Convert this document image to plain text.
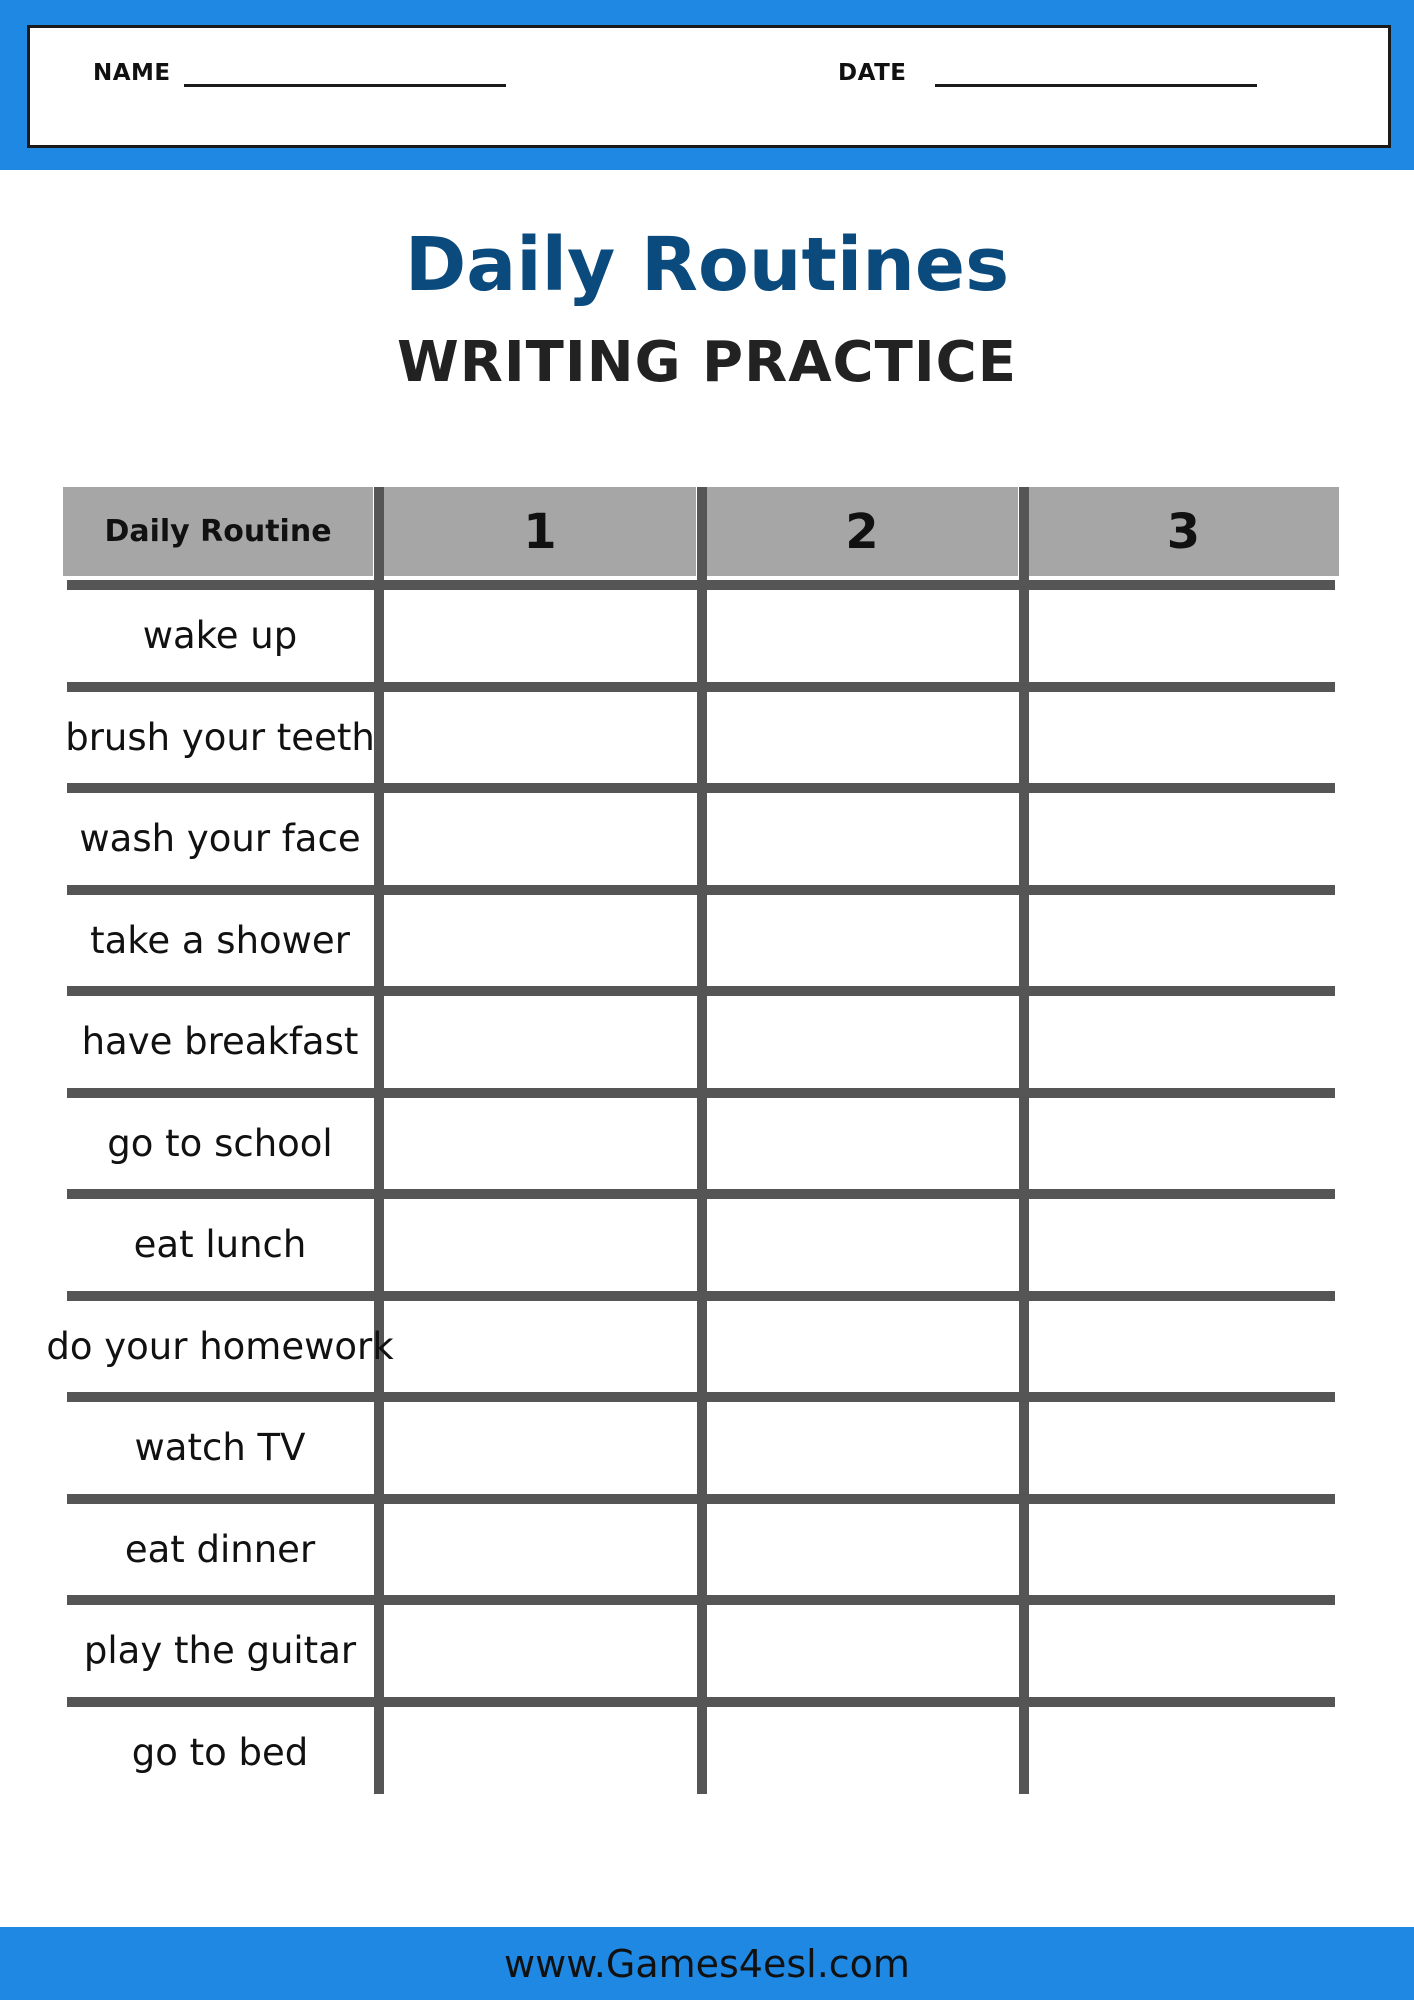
NAME	DATE
Daily Routines
WRITING PRACTICE
Daily Routine	1	2	3
wake up
brush your teeth
wash your face
take a shower
have breakfast
go to school
eat lunch
do your homework
watch TV
eat dinner
play the guitar
go to bed
www.Games4esl.com
